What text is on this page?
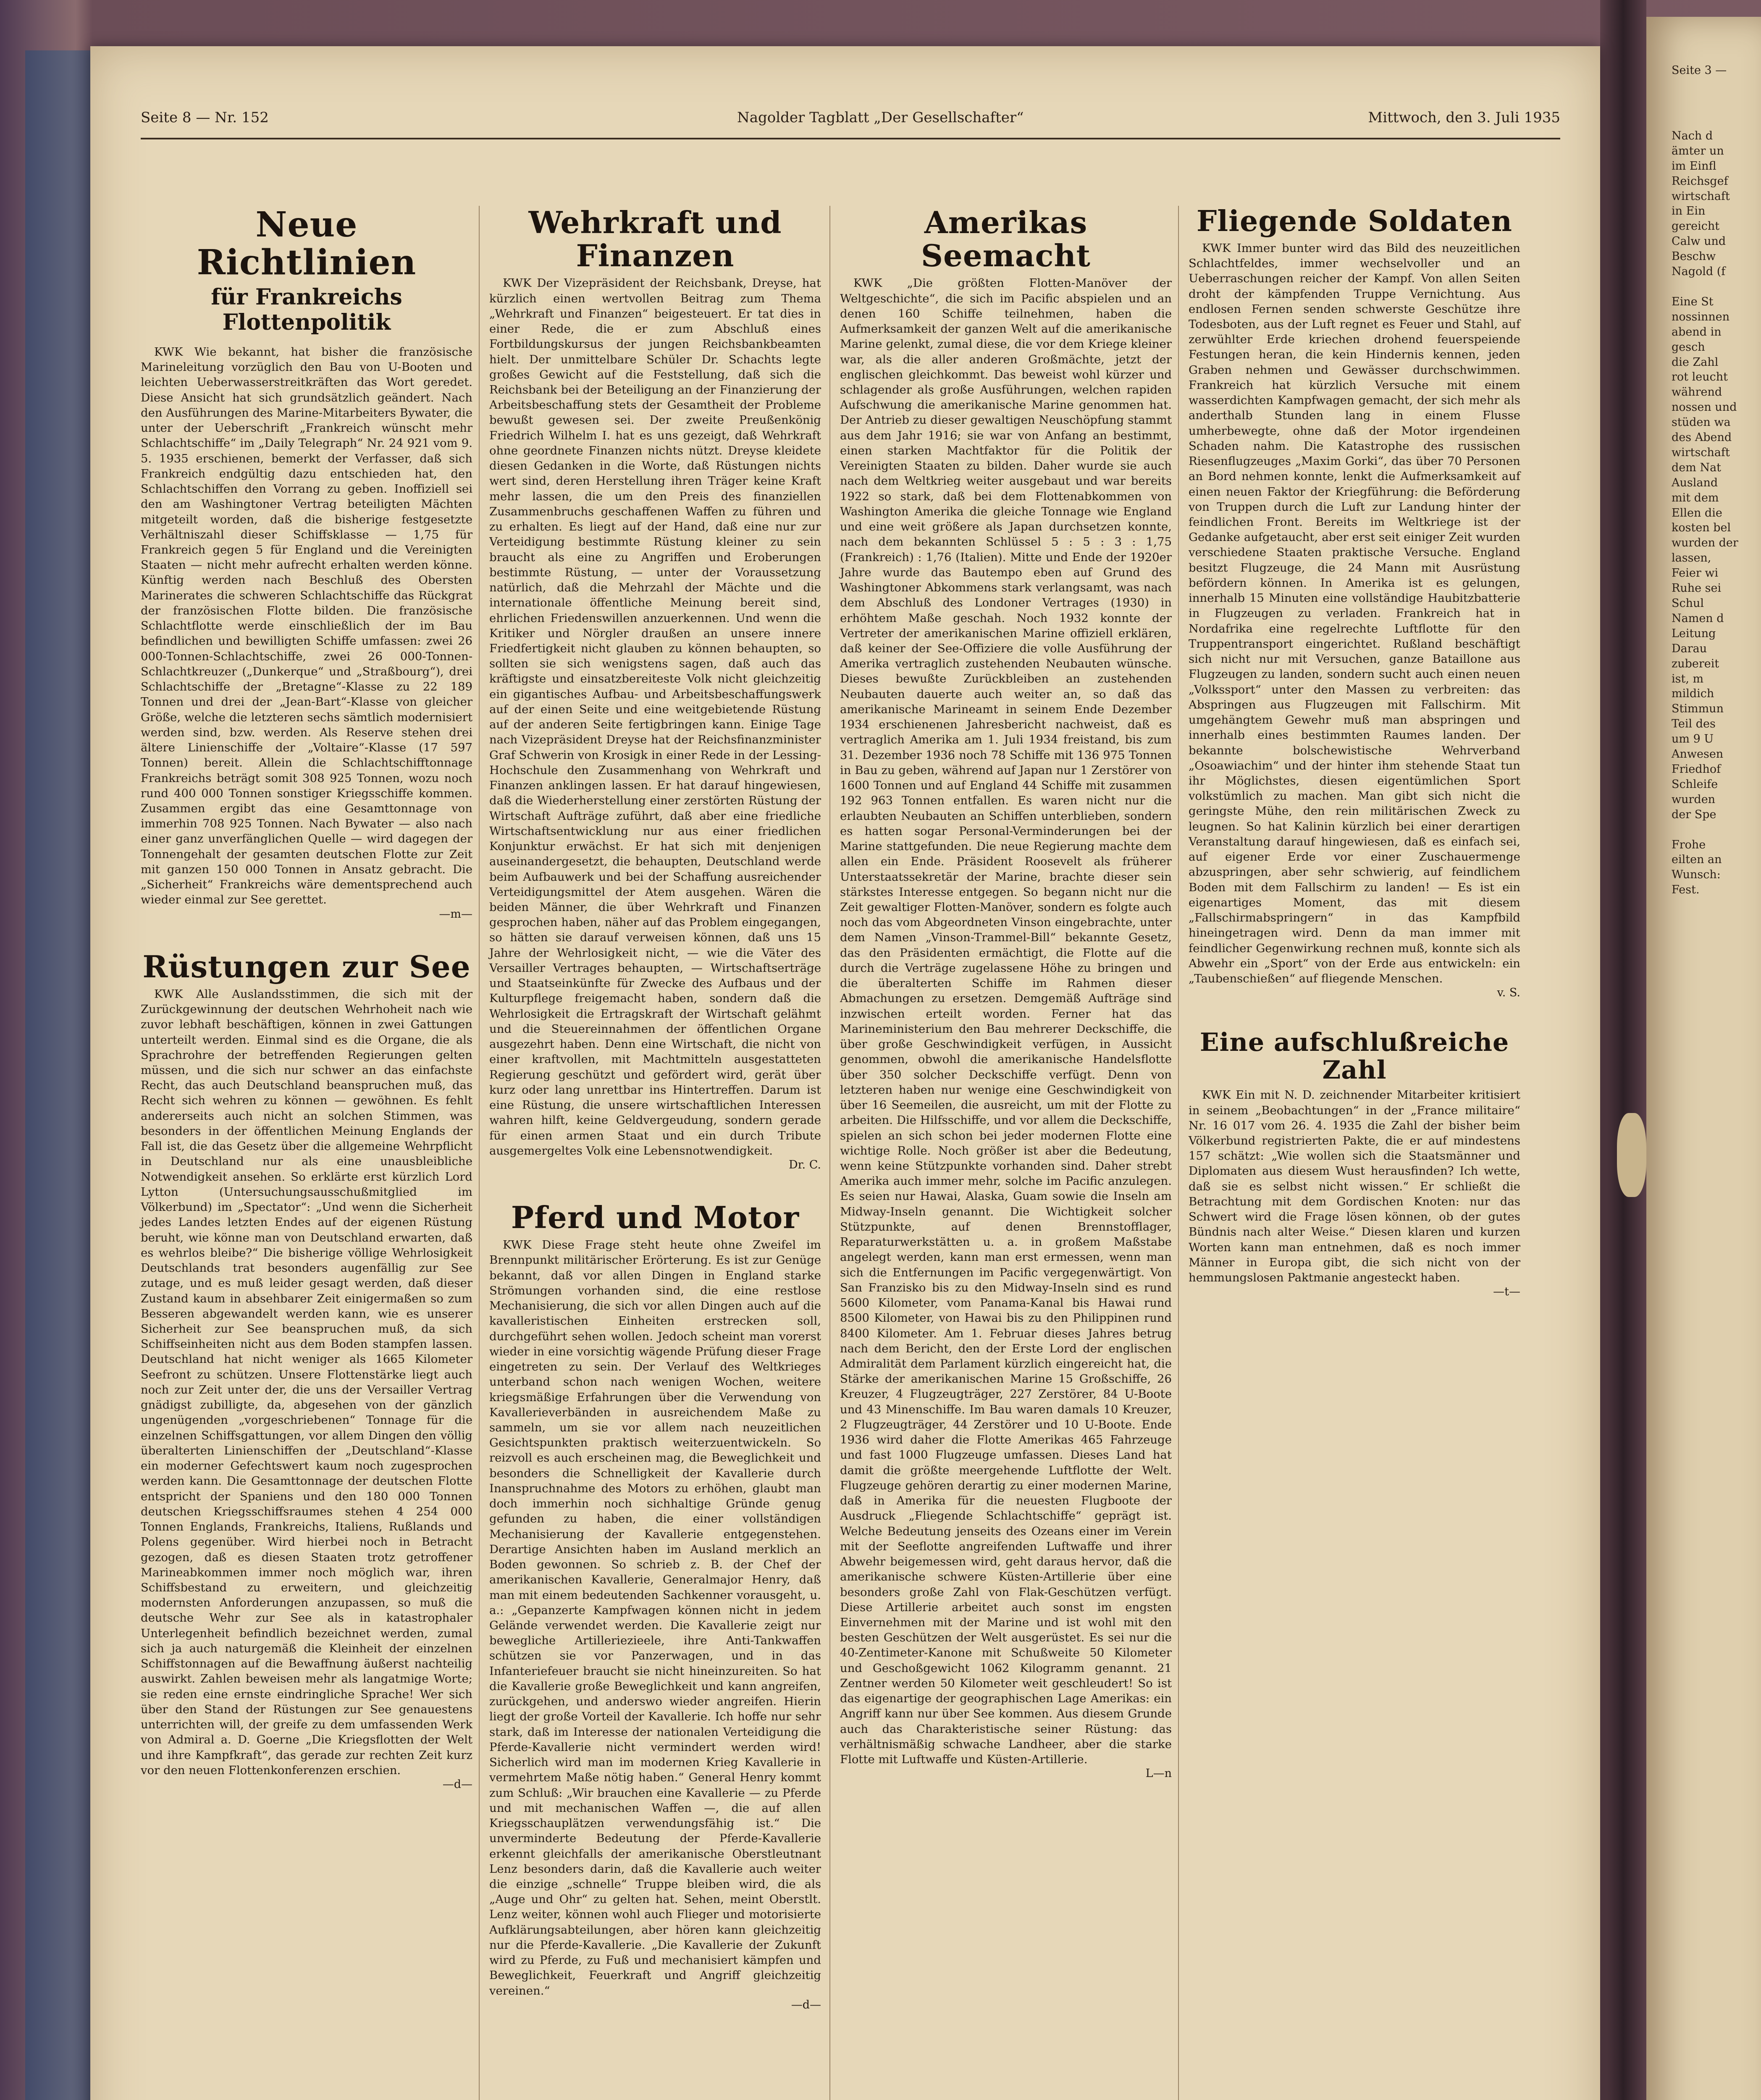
Seite 3 —
Nach d
ämter un
im Einfl
Reichsgef
wirtschaft
in Ein
gereicht
Calw und
Beschw
Nagold (f

Eine St
nossinnen
abend in
gesch
die Zahl
rot leucht
während
nossen und
stüden wa
des Abend
wirtschaft
dem Nat
Ausland
mit dem
Ellen die
kosten bel
wurden der
lassen,
Feier wi
Ruhe sei
Schul
Namen d
Leitung
Darau
zubereit
ist, m
mildich
Stimmun
Teil des
um 9 U
Anwesen
Friedhof
Schleife
wurden
der Spe

Frohe
eilten an
Wunsch:
Fest.
Seite 8 — Nr. 152	Nagolder Tagblatt „Der Gesellschafter“	Mittwoch, den 3. Juli 1935
Neue Richtlinien
für Frankreichs Flottenpolitik

KWK Wie bekannt, hat bisher die französische Marineleitung vorzüglich den Bau von U-Booten und leichten Ueberwasserstreitkräften das Wort geredet. Diese Ansicht hat sich grundsätzlich geändert. Nach den Ausführungen des Marine-Mitarbeiters Bywater, die unter der Ueberschrift „Frankreich wünscht mehr Schlachtschiffe“ im „Daily Telegraph“ Nr. 24 921 vom 9. 5. 1935 erschienen, bemerkt der Verfasser, daß sich Frankreich endgültig dazu entschieden hat, den Schlachtschiffen den Vorrang zu geben. Inoffiziell sei den am Washingtoner Vertrag beteiligten Mächten mitgeteilt worden, daß die bisherige festgesetzte Verhältniszahl dieser Schiffsklasse — 1,75 für Frankreich gegen 5 für England und die Vereinigten Staaten — nicht mehr aufrecht erhalten werden könne. Künftig werden nach Beschluß des Obersten Marinerates die schweren Schlachtschiffe das Rückgrat der französischen Flotte bilden. Die französische Schlachtflotte werde einschließlich der im Bau befindlichen und bewilligten Schiffe umfassen: zwei 26 000-Tonnen-Schlachtschiffe, zwei 26 000-Tonnen-Schlachtkreuzer („Dunkerque“ und „Straßbourg“), drei Schlachtschiffe der „Bretagne“-Klasse zu 22 189 Tonnen und drei der „Jean-Bart“-Klasse von gleicher Größe, welche die letzteren sechs sämtlich modernisiert werden sind, bzw. werden. Als Reserve stehen drei ältere Linienschiffe der „Voltaire“-Klasse (17 597 Tonnen) bereit. Allein die Schlachtschifftonnage Frankreichs beträgt somit 308 925 Tonnen, wozu noch rund 400 000 Tonnen sonstiger Kriegsschiffe kommen. Zusammen ergibt das eine Gesamttonnage von immerhin 708 925 Tonnen. Nach Bywater — also nach einer ganz unverfänglichen Quelle — wird dagegen der Tonnengehalt der gesamten deutschen Flotte zur Zeit mit ganzen 150 000 Tonnen in Ansatz gebracht. Die „Sicherheit“ Frankreichs wäre dementsprechend auch wieder einmal zur See gerettet.

—m—
Rüstungen zur See

KWK Alle Auslandsstimmen, die sich mit der Zurückgewinnung der deutschen Wehrhoheit nach wie zuvor lebhaft beschäftigen, können in zwei Gattungen unterteilt werden. Einmal sind es die Organe, die als Sprachrohre der betreffenden Regierungen gelten müssen, und die sich nur schwer an das einfachste Recht, das auch Deutschland beanspruchen muß, das Recht sich wehren zu können — gewöhnen. Es fehlt andererseits auch nicht an solchen Stimmen, was besonders in der öffentlichen Meinung Englands der Fall ist, die das Gesetz über die allgemeine Wehrpflicht in Deutschland nur als eine unausbleibliche Notwendigkeit ansehen. So erklärte erst kürzlich Lord Lytton (Untersuchungsausschußmitglied im Völkerbund) im „Spectator“: „Und wenn die Sicherheit jedes Landes letzten Endes auf der eigenen Rüstung beruht, wie könne man von Deutschland erwarten, daß es wehrlos bleibe?“ Die bisherige völlige Wehrlosigkeit Deutschlands trat besonders augenfällig zur See zutage, und es muß leider gesagt werden, daß dieser Zustand kaum in absehbarer Zeit einigermaßen so zum Besseren abgewandelt werden kann, wie es unserer Sicherheit zur See beanspruchen muß, da sich Schiffseinheiten nicht aus dem Boden stampfen lassen. Deutschland hat nicht weniger als 1665 Kilometer Seefront zu schützen. Unsere Flottenstärke liegt auch noch zur Zeit unter der, die uns der Versailler Vertrag gnädigst zubilligte, da, abgesehen von der gänzlich ungenügenden „vorgeschriebenen“ Tonnage für die einzelnen Schiffsgattungen, vor allem Dingen den völlig überalterten Linienschiffen der „Deutschland“-Klasse ein moderner Gefechtswert kaum noch zugesprochen werden kann. Die Gesamttonnage der deutschen Flotte entspricht der Spaniens und den 180 000 Tonnen deutschen Kriegsschiffsraumes stehen 4 254 000 Tonnen Englands, Frankreichs, Italiens, Rußlands und Polens gegenüber. Wird hierbei noch in Betracht gezogen, daß es diesen Staaten trotz getroffener Marineabkommen immer noch möglich war, ihren Schiffsbestand zu erweitern, und gleichzeitig modernsten Anforderungen anzupassen, so muß die deutsche Wehr zur See als in katastrophaler Unterlegenheit befindlich bezeichnet werden, zumal sich ja auch naturgemäß die Kleinheit der einzelnen Schiffstonnagen auf die Bewaffnung äußerst nachteilig auswirkt. Zahlen beweisen mehr als langatmige Worte; sie reden eine ernste eindringliche Sprache! Wer sich über den Stand der Rüstungen zur See genauestens unterrichten will, der greife zu dem umfassenden Werk von Admiral a. D. Goerne „Die Kriegsflotten der Welt und ihre Kampfkraft“, das gerade zur rechten Zeit kurz vor den neuen Flottenkonferenzen erschien.

—d—
Wehrkraft und Finanzen

KWK Der Vizepräsident der Reichsbank, Dreyse, hat kürzlich einen wertvollen Beitrag zum Thema „Wehrkraft und Finanzen“ beigesteuert. Er tat dies in einer Rede, die er zum Abschluß eines Fortbildungskursus der jungen Reichsbankbeamten hielt. Der unmittelbare Schüler Dr. Schachts legte großes Gewicht auf die Feststellung, daß sich die Reichsbank bei der Beteiligung an der Finanzierung der Arbeitsbeschaffung stets der Gesamtheit der Probleme bewußt gewesen sei. Der zweite Preußenkönig Friedrich Wilhelm I. hat es uns gezeigt, daß Wehrkraft ohne geordnete Finanzen nichts nützt. Dreyse kleidete diesen Gedanken in die Worte, daß Rüstungen nichts wert sind, deren Herstellung ihren Träger keine Kraft mehr lassen, die um den Preis des finanziellen Zusammenbruchs geschaffenen Waffen zu führen und zu erhalten. Es liegt auf der Hand, daß eine nur zur Verteidigung bestimmte Rüstung kleiner zu sein braucht als eine zu Angriffen und Eroberungen bestimmte Rüstung, — unter der Voraussetzung natürlich, daß die Mehrzahl der Mächte und die internationale öffentliche Meinung bereit sind, ehrlichen Friedenswillen anzuerkennen. Und wenn die Kritiker und Nörgler draußen an unsere innere Friedfertigkeit nicht glauben zu können behaupten, so sollten sie sich wenigstens sagen, daß auch das kräftigste und einsatzbereiteste Volk nicht gleichzeitig ein gigantisches Aufbau- und Arbeitsbeschaffungswerk auf der einen Seite und eine weitgebietende Rüstung auf der anderen Seite fertigbringen kann. Einige Tage nach Vizepräsident Dreyse hat der Reichsfinanzminister Graf Schwerin von Krosigk in einer Rede in der Lessing-Hochschule den Zusammenhang von Wehrkraft und Finanzen anklingen lassen. Er hat darauf hingewiesen, daß die Wiederherstellung einer zerstörten Rüstung der Wirtschaft Aufträge zuführt, daß aber eine friedliche Wirtschaftsentwicklung nur aus einer friedlichen Konjunktur erwächst. Er hat sich mit denjenigen auseinandergesetzt, die behaupten, Deutschland werde beim Aufbauwerk und bei der Schaffung ausreichender Verteidigungsmittel der Atem ausgehen. Wären die beiden Männer, die über Wehrkraft und Finanzen gesprochen haben, näher auf das Problem eingegangen, so hätten sie darauf verweisen können, daß uns 15 Jahre der Wehrlosigkeit nicht, — wie die Väter des Versailler Vertrages behaupten, — Wirtschaftserträge und Staatseinkünfte für Zwecke des Aufbaus und der Kulturpflege freigemacht haben, sondern daß die Wehrlosigkeit die Ertragskraft der Wirtschaft gelähmt und die Steuereinnahmen der öffentlichen Organe ausgezehrt haben. Denn eine Wirtschaft, die nicht von einer kraftvollen, mit Machtmitteln ausgestatteten Regierung geschützt und gefördert wird, gerät über kurz oder lang unrettbar ins Hintertreffen. Darum ist eine Rüstung, die unsere wirtschaftlichen Interessen wahren hilft, keine Geldvergeudung, sondern gerade für einen armen Staat und ein durch Tribute ausgemergeltes Volk eine Lebensnotwendigkeit.

Dr. C.
Pferd und Motor

KWK Diese Frage steht heute ohne Zweifel im Brennpunkt militärischer Erörterung. Es ist zur Genüge bekannt, daß vor allen Dingen in England starke Strömungen vorhanden sind, die eine restlose Mechanisierung, die sich vor allen Dingen auch auf die kavalleristischen Einheiten erstrecken soll, durchgeführt sehen wollen. Jedoch scheint man vorerst wieder in eine vorsichtig wägende Prüfung dieser Frage eingetreten zu sein. Der Verlauf des Weltkrieges unterband schon nach wenigen Wochen, weitere kriegsmäßige Erfahrungen über die Verwendung von Kavallerieverbänden in ausreichendem Maße zu sammeln, um sie vor allem nach neuzeitlichen Gesichtspunkten praktisch weiterzuentwickeln. So reizvoll es auch erscheinen mag, die Beweglichkeit und besonders die Schnelligkeit der Kavallerie durch Inanspruchnahme des Motors zu erhöhen, glaubt man doch immerhin noch sichhaltige Gründe genug gefunden zu haben, die einer vollständigen Mechanisierung der Kavallerie entgegenstehen. Derartige Ansichten haben im Ausland merklich an Boden gewonnen. So schrieb z. B. der Chef der amerikanischen Kavallerie, Generalmajor Henry, daß man mit einem bedeutenden Sachkenner vorausgeht, u. a.: „Gepanzerte Kampfwagen können nicht in jedem Gelände verwendet werden. Die Kavallerie zeigt nur bewegliche Artilleriezieele, ihre Anti-Tankwaffen schützen sie vor Panzerwagen, und in das Infanteriefeuer braucht sie nicht hineinzureiten. So hat die Kavallerie große Beweglichkeit und kann angreifen, zurückgehen, und anderswo wieder angreifen. Hierin liegt der große Vorteil der Kavallerie. Ich hoffe nur sehr stark, daß im Interesse der nationalen Verteidigung die Pferde-Kavallerie nicht vermindert werden wird! Sicherlich wird man im modernen Krieg Kavallerie in vermehrtem Maße nötig haben.“ General Henry kommt zum Schluß: „Wir brauchen eine Kavallerie — zu Pferde und mit mechanischen Waffen —, die auf allen Kriegsschauplätzen verwendungsfähig ist.“ Die unverminderte Bedeutung der Pferde-Kavallerie erkennt gleichfalls der amerikanische Oberstleutnant Lenz besonders darin, daß die Kavallerie auch weiter die einzige „schnelle“ Truppe bleiben wird, die als „Auge und Ohr“ zu gelten hat. Sehen, meint Oberstlt. Lenz weiter, können wohl auch Flieger und motorisierte Aufklärungsabteilungen, aber hören kann gleichzeitig nur die Pferde-Kavallerie. „Die Kavallerie der Zukunft wird zu Pferde, zu Fuß und mechanisiert kämpfen und Beweglichkeit, Feuerkraft und Angriff gleichzeitig vereinen.“

—d—
Amerikas Seemacht

KWK „Die größten Flotten-Manöver der Weltgeschichte“, die sich im Pacific abspielen und an denen 160 Schiffe teilnehmen, haben die Aufmerksamkeit der ganzen Welt auf die amerikanische Marine gelenkt, zumal diese, die vor dem Kriege kleiner war, als die aller anderen Großmächte, jetzt der englischen gleichkommt. Das beweist wohl kürzer und schlagender als große Ausführungen, welchen rapiden Aufschwung die amerikanische Marine genommen hat. Der Antrieb zu dieser gewaltigen Neuschöpfung stammt aus dem Jahr 1916; sie war von Anfang an bestimmt, einen starken Machtfaktor für die Politik der Vereinigten Staaten zu bilden. Daher wurde sie auch nach dem Weltkrieg weiter ausgebaut und war bereits 1922 so stark, daß bei dem Flottenabkommen von Washington Amerika die gleiche Tonnage wie England und eine weit größere als Japan durchsetzen konnte, nach dem bekannten Schlüssel 5 : 5 : 3 : 1,75 (Frankreich) : 1,76 (Italien). Mitte und Ende der 1920er Jahre wurde das Bautempo eben auf Grund des Washingtoner Abkommens stark verlangsamt, was nach dem Abschluß des Londoner Vertrages (1930) in erhöhtem Maße geschah. Noch 1932 konnte der Vertreter der amerikanischen Marine offiziell erklären, daß keiner der See-Offiziere die volle Ausführung der Amerika vertraglich zustehenden Neubauten wünsche. Dieses bewußte Zurückbleiben an zustehenden Neubauten dauerte auch weiter an, so daß das amerikanische Marineamt in seinem Ende Dezember 1934 erschienenen Jahresbericht nachweist, daß es vertraglich Amerika am 1. Juli 1934 freistand, bis zum 31. Dezember 1936 noch 78 Schiffe mit 136 975 Tonnen in Bau zu geben, während auf Japan nur 1 Zerstörer von 1600 Tonnen und auf England 44 Schiffe mit zusammen 192 963 Tonnen entfallen. Es waren nicht nur die erlaubten Neubauten an Schiffen unterblieben, sondern es hatten sogar Personal-Verminderungen bei der Marine stattgefunden. Die neue Regierung machte dem allen ein Ende. Präsident Roosevelt als früherer Unterstaatssekretär der Marine, brachte dieser sein stärkstes Interesse entgegen. So begann nicht nur die Zeit gewaltiger Flotten-Manöver, sondern es folgte auch noch das vom Abgeordneten Vinson eingebrachte, unter dem Namen „Vinson-Trammel-Bill“ bekannte Gesetz, das den Präsidenten ermächtigt, die Flotte auf die durch die Verträge zugelassene Höhe zu bringen und die überalterten Schiffe im Rahmen dieser Abmachungen zu ersetzen. Demgemäß Aufträge sind inzwischen erteilt worden. Ferner hat das Marineministerium den Bau mehrerer Deckschiffe, die über große Geschwindigkeit verfügen, in Aussicht genommen, obwohl die amerikanische Handelsflotte über 350 solcher Deckschiffe verfügt. Denn von letzteren haben nur wenige eine Geschwindigkeit von über 16 Seemeilen, die ausreicht, um mit der Flotte zu arbeiten. Die Hilfsschiffe, und vor allem die Deckschiffe, spielen an sich schon bei jeder modernen Flotte eine wichtige Rolle. Noch größer ist aber die Bedeutung, wenn keine Stützpunkte vorhanden sind. Daher strebt Amerika auch immer mehr, solche im Pacific anzulegen. Es seien nur Hawai, Alaska, Guam sowie die Inseln am Midway-Inseln genannt. Die Wichtigkeit solcher Stützpunkte, auf denen Brennstofflager, Reparaturwerkstätten u. a. in großem Maßstabe angelegt werden, kann man erst ermessen, wenn man sich die Entfernungen im Pacific vergegenwärtigt. Von San Franzisko bis zu den Midway-Inseln sind es rund 5600 Kilometer, vom Panama-Kanal bis Hawai rund 8500 Kilometer, von Hawai bis zu den Philippinen rund 8400 Kilometer. Am 1. Februar dieses Jahres betrug nach dem Bericht, den der Erste Lord der englischen Admiralität dem Parlament kürzlich eingereicht hat, die Stärke der amerikanischen Marine 15 Großschiffe, 26 Kreuzer, 4 Flugzeugträger, 227 Zerstörer, 84 U-Boote und 43 Minenschiffe. Im Bau waren damals 10 Kreuzer, 2 Flugzeugträger, 44 Zerstörer und 10 U-Boote. Ende 1936 wird daher die Flotte Amerikas 465 Fahrzeuge und fast 1000 Flugzeuge umfassen. Dieses Land hat damit die größte meergehende Luftflotte der Welt. Flugzeuge gehören derartig zu einer modernen Marine, daß in Amerika für die neuesten Flugboote der Ausdruck „Fliegende Schlachtschiffe“ geprägt ist. Welche Bedeutung jenseits des Ozeans einer im Verein mit der Seeflotte angreifenden Luftwaffe und ihrer Abwehr beigemessen wird, geht daraus hervor, daß die amerikanische schwere Küsten-Artillerie über eine besonders große Zahl von Flak-Geschützen verfügt. Diese Artillerie arbeitet auch sonst im engsten Einvernehmen mit der Marine und ist wohl mit den besten Geschützen der Welt ausgerüstet. Es sei nur die 40-Zentimeter-Kanone mit Schußweite 50 Kilometer und Geschoßgewicht 1062 Kilogramm genannt. 21 Zentner werden 50 Kilometer weit geschleudert! So ist das eigenartige der geographischen Lage Amerikas: ein Angriff kann nur über See kommen. Aus diesem Grunde auch das Charakteristische seiner Rüstung: das verhältnismäßig schwache Landheer, aber die starke Flotte mit Luftwaffe und Küsten-Artillerie.

L—n
Fliegende Soldaten

KWK Immer bunter wird das Bild des neuzeitlichen Schlachtfeldes, immer wechselvoller und an Ueberraschungen reicher der Kampf. Von allen Seiten droht der kämpfenden Truppe Vernichtung. Aus endlosen Fernen senden schwerste Geschütze ihre Todesboten, aus der Luft regnet es Feuer und Stahl, auf zerwühlter Erde kriechen drohend feuerspeiende Festungen heran, die kein Hindernis kennen, jeden Graben nehmen und Gewässer durchschwimmen. Frankreich hat kürzlich Versuche mit einem wasserdichten Kampfwagen gemacht, der sich mehr als anderthalb Stunden lang in einem Flusse umherbewegte, ohne daß der Motor irgendeinen Schaden nahm. Die Katastrophe des russischen Riesenflugzeuges „Maxim Gorki“, das über 70 Personen an Bord nehmen konnte, lenkt die Aufmerksamkeit auf einen neuen Faktor der Kriegführung: die Beförderung von Truppen durch die Luft zur Landung hinter der feindlichen Front. Bereits im Weltkriege ist der Gedanke aufgetaucht, aber erst seit einiger Zeit wurden verschiedene Staaten praktische Versuche. England besitzt Flugzeuge, die 24 Mann mit Ausrüstung befördern können. In Amerika ist es gelungen, innerhalb 15 Minuten eine vollständige Haubitzbatterie in Flugzeugen zu verladen. Frankreich hat in Nordafrika eine regelrechte Luftflotte für den Truppentransport eingerichtet. Rußland beschäftigt sich nicht nur mit Versuchen, ganze Bataillone aus Flugzeugen zu landen, sondern sucht auch einen neuen „Volkssport“ unter den Massen zu verbreiten: das Abspringen aus Flugzeugen mit Fallschirm. Mit umgehängtem Gewehr muß man abspringen und innerhalb eines bestimmten Raumes landen. Der bekannte bolschewistische Wehrverband „Osoawiachim“ und der hinter ihm stehende Staat tun ihr Möglichstes, diesen eigentümlichen Sport volkstümlich zu machen. Man gibt sich nicht die geringste Mühe, den rein militärischen Zweck zu leugnen. So hat Kalinin kürzlich bei einer derartigen Veranstaltung darauf hingewiesen, daß es einfach sei, auf eigener Erde vor einer Zuschauermenge abzuspringen, aber sehr schwierig, auf feindlichem Boden mit dem Fallschirm zu landen! — Es ist ein eigenartiges Moment, das mit diesem „Fallschirmabspringern“ in das Kampfbild hineingetragen wird. Denn da man immer mit feindlicher Gegenwirkung rechnen muß, konnte sich als Abwehr ein „Sport“ von der Erde aus entwickeln: ein „Taubenschießen“ auf fliegende Menschen.

v. S.
Eine aufschlußreiche Zahl

KWK Ein mit N. D. zeichnender Mitarbeiter kritisiert in seinem „Beobachtungen“ in der „France militaire“ Nr. 16 017 vom 26. 4. 1935 die Zahl der bisher beim Völkerbund registrierten Pakte, die er auf mindestens 157 schätzt: „Wie wollen sich die Staatsmänner und Diplomaten aus diesem Wust herausfinden? Ich wette, daß sie es selbst nicht wissen.“ Er schließt die Betrachtung mit dem Gordischen Knoten: nur das Schwert wird die Frage lösen können, ob der gutes Bündnis nach alter Weise.“ Diesen klaren und kurzen Worten kann man entnehmen, daß es noch immer Männer in Europa gibt, die sich nicht von der hemmungslosen Paktmanie angesteckt haben.

—t—
